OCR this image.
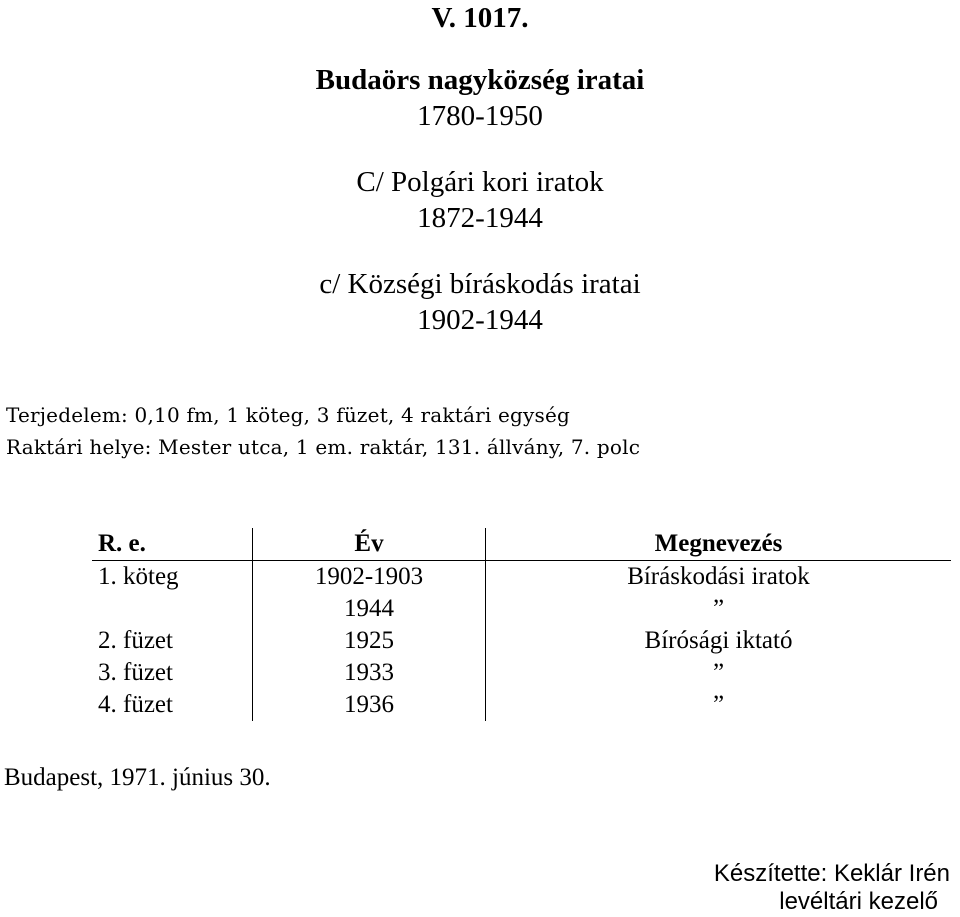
V. 1017.
Budaörs nagyközség iratai
1780-1950
C/ Polgári kori iratok
1872-1944
c/ Községi bíráskodás iratai
1902-1944
Terjedelem: 0,10 fm, 1 köteg, 3 füzet, 4 raktári egység
Raktári helye: Mester utca, 1 em. raktár, 131. állvány, 7. polc
R. e.	Év	Megnevezés
1. köteg	1902-1903	Bíráskodási iratok
	1944	”
2. füzet	1925	Bírósági iktató
3. füzet	1933	”
4. füzet	1936	”
Budapest, 1971. június 30.
Készítette: Keklár Irén
levéltári kezelő
